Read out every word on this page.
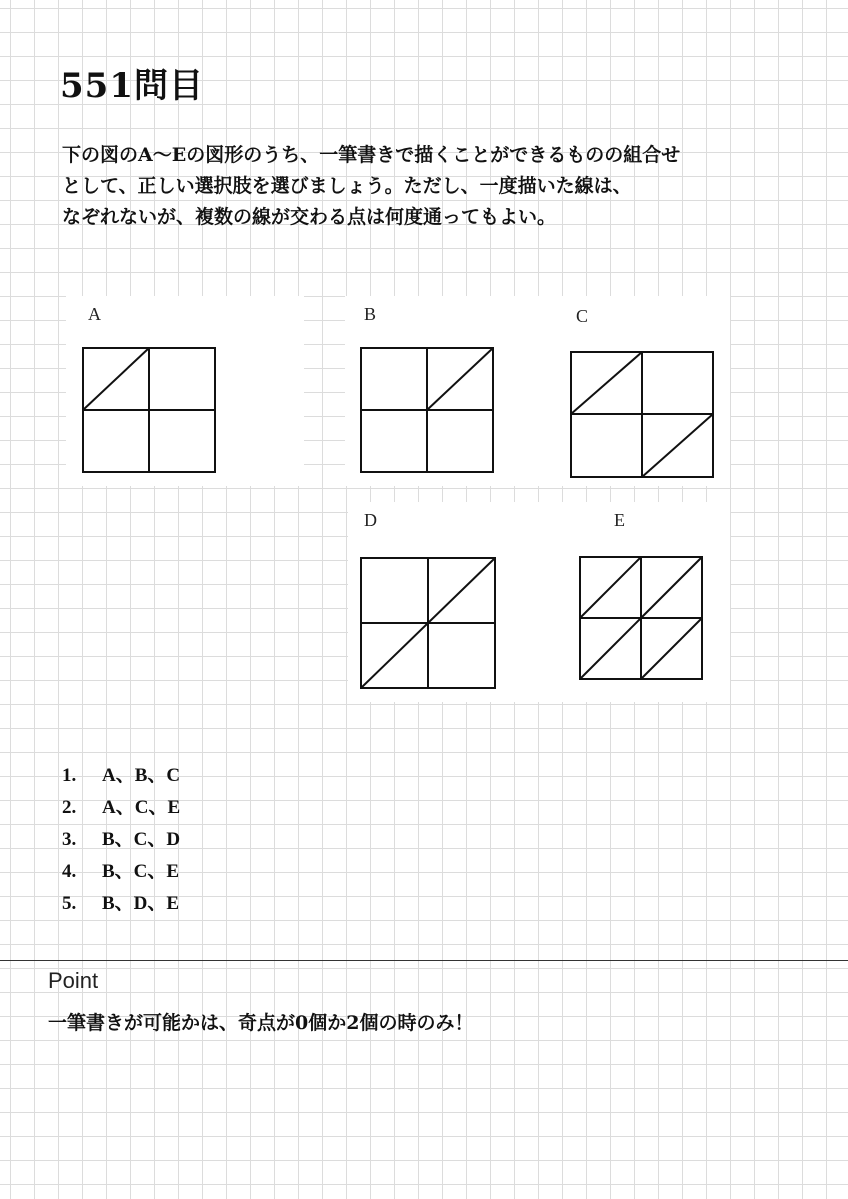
551問目
下の図のA～Eの図形のうち、一筆書きで描くことができるものの組合せ
として、正しい選択肢を選びましょう。ただし、一度描いた線は、
なぞれないが、複数の線が交わる点は何度通ってもよい。
A	B	C
D	E
1. A、B、C
2. A、C、E
3. B、C、D
4. B、C、E
5. B、D、E
Point
一筆書きが可能かは、奇点が0個か2個の時のみ！
